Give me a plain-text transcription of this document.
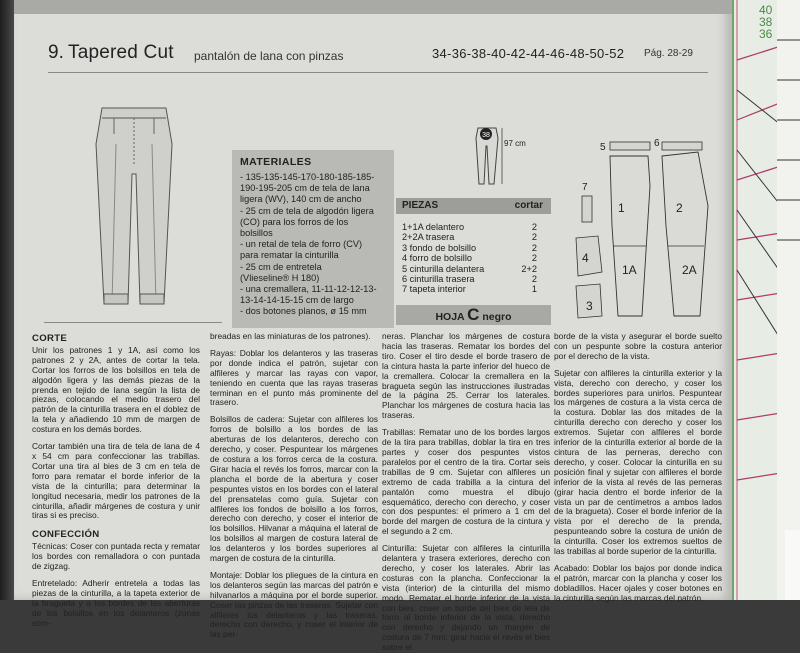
40
38
36
9. Tapered Cut pantalón de lana con pinzas	34-36-38-40-42-44-46-48-50-52 Pág. 28-29
MATERIALES
- 135-135-145-170-180-185-185-
190-195-205 cm de tela de lana
ligera (WV), 140 cm de ancho
- 25 cm de tela de algodón ligera
(CO) para los forros de los
bolsillos
- un retal de tela de forro (CV)
para rematar la cinturilla
- 25 cm de entretela
(Vlieseline® H 180)
- una cremallera, 11-11-12-12-13-
13-14-14-15-15 cm de largo
- dos botones planos, ø 15 mm
38
97 cm
PIEZAS	cortar
1+1A delantero	2
2+2A trasera	2
3 fondo de bolsillo	2
4 forro de bolsillo	2
5 cinturilla delantera	2+2
6 cinturilla trasera	2
7 tapeta interior	1
HOJA C negro
5	6
7
1	2
1A	2A
4
3
CORTE

Unir los patrones 1 y 1A, así como los patrones 2 y 2A, antes de cortar la tela. Cortar los forros de los bolsillos en tela de algodón ligera y las demás piezas de la prenda en tejido de lana según la lista de piezas, colocando el medio trasero del patrón de la cinturilla trasera en el doblez de la tela y añadiendo 10 mm de margen de costura en los demás bordes.

Cortar también una tira de tela de lana de 4 x 54 cm para confeccionar las trabillas. Cortar una tira al bies de 3 cm en tela de forro para rematar el borde inferior de la vista de la cinturilla; para determinar la longitud necesaria, medir los patrones de la cinturilla, añadir márgenes de costura y unir tiras si es preciso.

CONFECCIÓN

Técnicas: Coser con puntada recta y rematar los bordes con remalladora o con puntada de zigzag.

Entretelado: Adherir entretela a todas las piezas de la cinturilla, a la tapeta exterior de la bragueta y a los bordes de las aberturas de los bolsillos en los delanteros (zonas som-

breadas en las miniaturas de los patrones).

Rayas: Doblar los delanteros y las traseras por donde indica el patrón, sujetar con alfileres y marcar las rayas con vapor, teniendo en cuenta que las rayas traseras terminan en el punto más prominente del trasero.

Bolsillos de cadera: Sujetar con alfileres los forros de bolsillo a los bordes de las aberturas de los delanteros, derecho con derecho, y coser. Pespuntear los márgenes de costura a los forros cerca de la costura. Girar hacia el revés los forros, marcar con la plancha el borde de la abertura y coser pespuntes vistos en los bordes con el lateral del prensatelas como guía. Sujetar con alfileres los fondos de bolsillo a los forros, derecho con derecho, y coser el interior de los bolsillos. Hilvanar a máquina el lateral de los bolsillos al margen de costura lateral de los delanteros y los bordes superiores al margen de costura de la cinturilla.

Montaje: Doblar los pliegues de la cintura en los delanteros según las marcas del patrón e hilvanarlos a máquina por el borde superior. Coser las pinzas de las traseras. Sujetar con alfileres los delanteros y las traseras, derecho con derecho, y coser el interior de las per-

neras. Planchar los márgenes de costura hacia las traseras. Rematar los bordes del tiro. Coser el tiro desde el borde trasero de la cintura hasta la parte inferior del hueco de la cremallera. Colocar la cremallera en la bragueta según las instrucciones ilustradas de la página 25. Cerrar los laterales. Planchar los márgenes de costura hacia las traseras.

Trabillas: Rematar uno de los bordes largos de la tira para trabillas, doblar la tira en tres partes y coser dos pespuntes vistos paralelos por el centro de la tira. Cortar seis trabillas de 9 cm. Sujetar con alfileres un extremo de cada trabilla a la cintura del pantalón como muestra el dibujo esquemático, derecho con derecho, y coser con dos pespuntes: el primero a 1 cm del borde del margen de costura de la cintura y el segundo a 2 cm.

Cinturilla: Sujetar con alfileres la cinturilla delantera y trasera exteriores, derecho con derecho, y coser los laterales. Abrir las costuras con la plancha. Confeccionar la vista (interior) de la cinturilla del mismo modo. Rematar el borde inferior de la vista con bies: coser un borde del bies de tela de forro al borde inferior de la vista, derecho con derecho y dejando un margen de costura de 7 mm; girar hacia el revés el bies sobre el

borde de la vista y asegurar el borde suelto con un pespunte sobre la costura anterior por el derecho de la vista.

Sujetar con alfileres la cinturilla exterior y la vista, derecho con derecho, y coser los bordes superiores para unirlos. Pespuntear los márgenes de costura a la vista cerca de la costura. Doblar las dos mitades de la cinturilla derecho con derecho y coser los extremos. Sujetar con alfileres el borde inferior de la cinturilla exterior al borde de la cintura de las perneras, derecho con derecho, y coser. Colocar la cinturilla en su posición final y sujetar con alfileres el borde inferior de la vista al revés de las perneras (girar hacia dentro el borde inferior de la vista un par de centímetros a ambos lados de la bragueta). Coser el borde inferior de la vista por el derecho de la prenda, pespunteando sobre la costura de unión de la cinturilla. Coser los extremos sueltos de las trabillas al borde superior de la cinturilla.

Acabado: Doblar los bajos por donde indica el patrón, marcar con la plancha y coser los dobladillos. Hacer ojales y coser botones en la cinturilla según las marcas del patrón.
